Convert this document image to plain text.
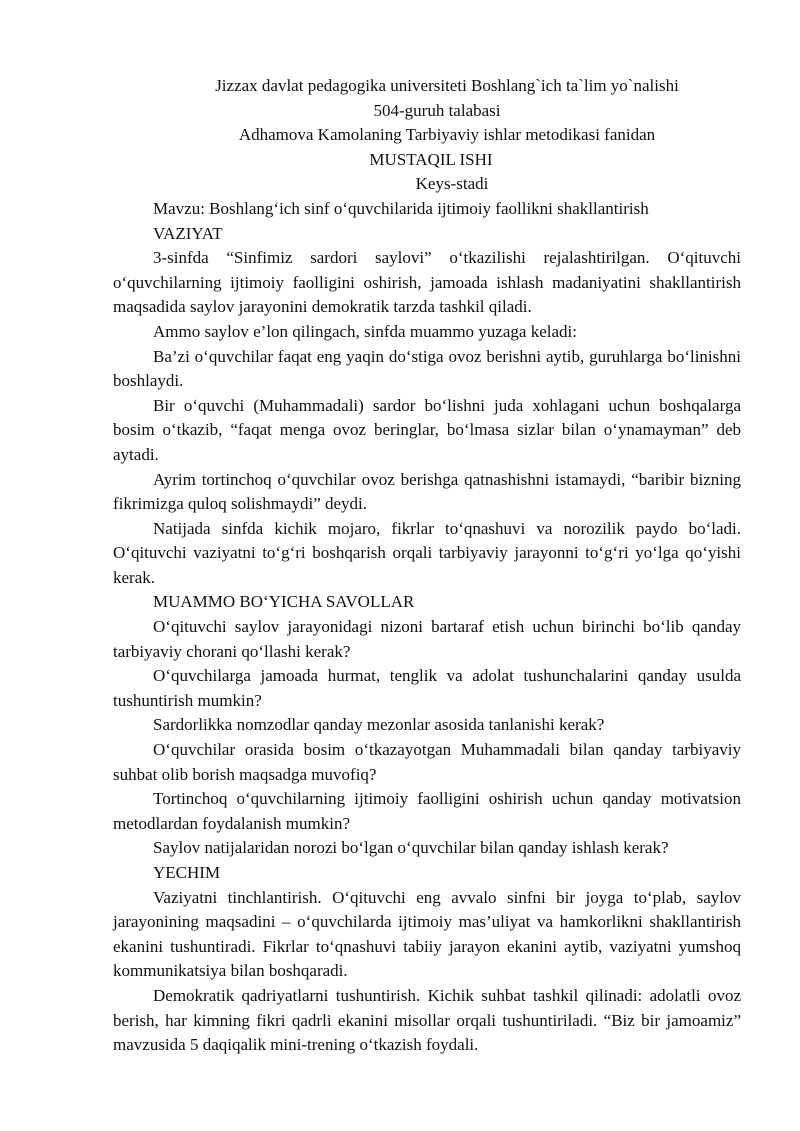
Jizzax davlat pedagogika universiteti Boshlang`ich ta`lim yo`nalishi

504-guruh talabasi

Adhamova Kamolaning Tarbiyaviy ishlar metodikasi fanidan

MUSTAQIL ISHI

Keys-stadi

Mavzu: Boshlang‘ich sinf o‘quvchilarida ijtimoiy faollikni shakllantirish

VAZIYAT

3-sinfda “Sinfimiz sardori saylovi” o‘tkazilishi rejalashtirilgan. O‘qituvchi o‘quvchilarning ijtimoiy faolligini oshirish, jamoada ishlash madaniyatini shakllantirish maqsadida saylov jarayonini demokratik tarzda tashkil qiladi.

Ammo saylov e’lon qilingach, sinfda muammo yuzaga keladi:

Ba’zi o‘quvchilar faqat eng yaqin do‘stiga ovoz berishni aytib, guruhlarga bo‘linishni boshlaydi.

Bir o‘quvchi (Muhammadali) sardor bo‘lishni juda xohlagani uchun boshqalarga bosim o‘tkazib, “faqat menga ovoz beringlar, bo‘lmasa sizlar bilan o‘ynamayman” deb aytadi.

Ayrim tortinchoq o‘quvchilar ovoz berishga qatnashishni istamaydi, “baribir bizning fikrimizga quloq solishmaydi” deydi.

Natijada sinfda kichik mojaro, fikrlar to‘qnashuvi va norozilik paydo bo‘ladi. O‘qituvchi vaziyatni to‘g‘ri boshqarish orqali tarbiyaviy jarayonni to‘g‘ri yo‘lga qo‘yishi kerak.

MUAMMO BO‘YICHA SAVOLLAR

O‘qituvchi saylov jarayonidagi nizoni bartaraf etish uchun birinchi bo‘lib qanday tarbiyaviy chorani qo‘llashi kerak?

O‘quvchilarga jamoada hurmat, tenglik va adolat tushunchalarini qanday usulda tushuntirish mumkin?

Sardorlikka nomzodlar qanday mezonlar asosida tanlanishi kerak?

O‘quvchilar orasida bosim o‘tkazayotgan Muhammadali bilan qanday tarbiyaviy suhbat olib borish maqsadga muvofiq?

Tortinchoq o‘quvchilarning ijtimoiy faolligini oshirish uchun qanday motivatsion metodlardan foydalanish mumkin?

Saylov natijalaridan norozi bo‘lgan o‘quvchilar bilan qanday ishlash kerak?

YECHIM

Vaziyatni tinchlantirish. O‘qituvchi eng avvalo sinfni bir joyga to‘plab, saylov jarayonining maqsadini – o‘quvchilarda ijtimoiy mas’uliyat va hamkorlikni shakllantirish ekanini tushuntiradi. Fikrlar to‘qnashuvi tabiiy jarayon ekanini aytib, vaziyatni yumshoq kommunikatsiya bilan boshqaradi.

Demokratik qadriyatlarni tushuntirish. Kichik suhbat tashkil qilinadi: adolatli ovoz berish, har kimning fikri qadrli ekanini misollar orqali tushuntiriladi. “Biz bir jamoamiz” mavzusida 5 daqiqalik mini-trening o‘tkazish foydali.
